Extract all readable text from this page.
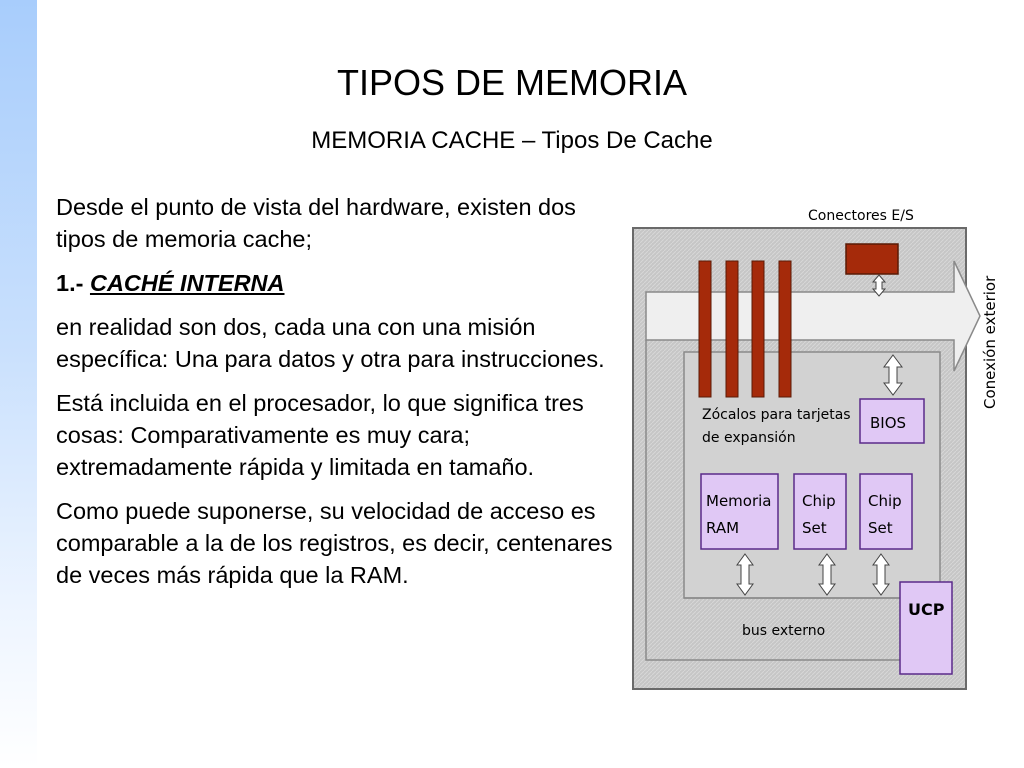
TIPOS DE MEMORIA
MEMORIA CACHE – Tipos De Cache

Desde el punto de vista del hardware, existen dos tipos de memoria cache;

1.- CACHÉ INTERNA

en realidad son dos, cada una con una misión específica: Una para datos y otra para instrucciones.

Está incluida en el procesador, lo que significa tres cosas: Comparativamente es muy cara; extremadamente rápida y limitada en tamaño.

Como puede suponerse, su velocidad de acceso es comparable a la de los registros, es decir, centenares de veces más rápida que la RAM.

Conectores E/S
Zócalos para tarjetas
de expansión
BIOS
Memoria
RAM
Chip
Set
Chip
Set
bus externo
UCP
Conexión exterior
